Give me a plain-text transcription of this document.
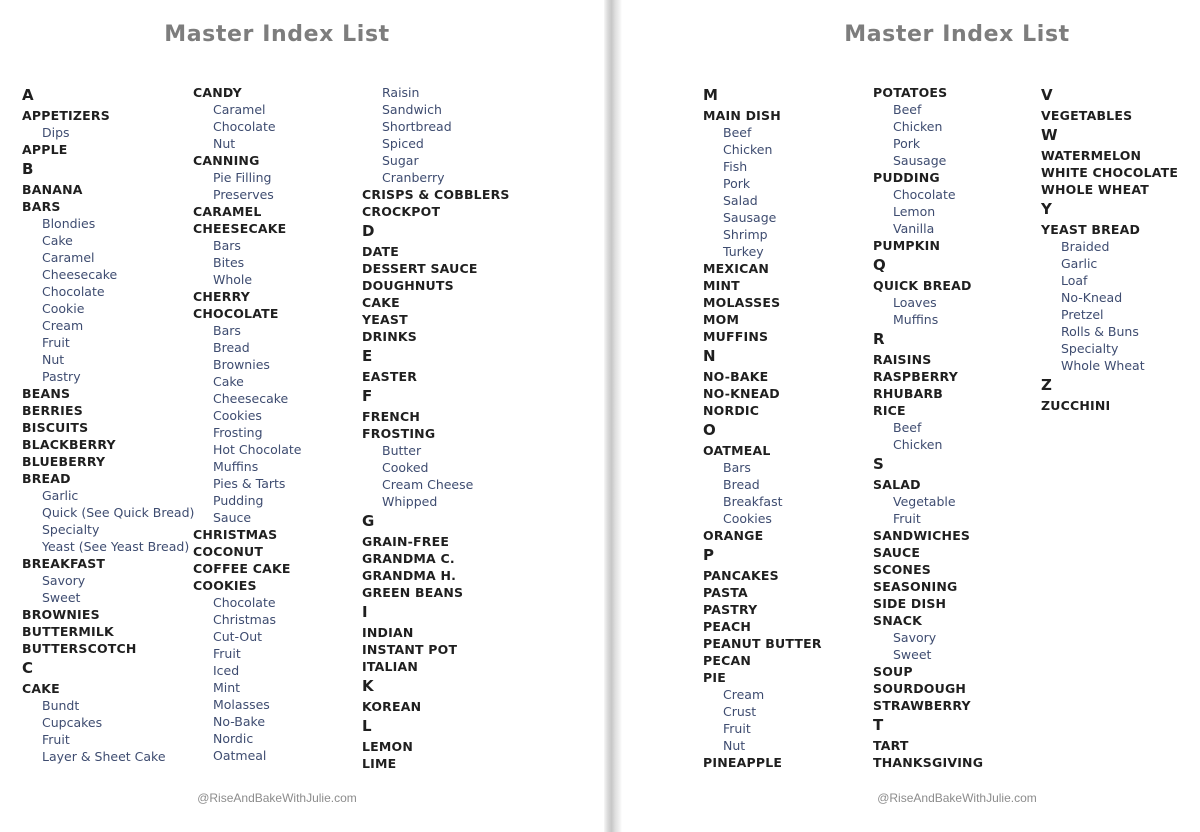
Master Index List
A
APPETIZERS
Dips
APPLE
B
BANANA
BARS
Blondies
Cake
Caramel
Cheesecake
Chocolate
Cookie
Cream
Fruit
Nut
Pastry
BEANS
BERRIES
BISCUITS
BLACKBERRY
BLUEBERRY
BREAD
Garlic
Quick (See Quick Bread)
Specialty
Yeast (See Yeast Bread)
BREAKFAST
Savory
Sweet
BROWNIES
BUTTERMILK
BUTTERSCOTCH
C
CAKE
Bundt
Cupcakes
Fruit
Layer & Sheet Cake
CANDY
Caramel
Chocolate
Nut
CANNING
Pie Filling
Preserves
CARAMEL
CHEESECAKE
Bars
Bites
Whole
CHERRY
CHOCOLATE
Bars
Bread
Brownies
Cake
Cheesecake
Cookies
Frosting
Hot Chocolate
Muffins
Pies & Tarts
Pudding
Sauce
CHRISTMAS
COCONUT
COFFEE CAKE
COOKIES
Chocolate
Christmas
Cut-Out
Fruit
Iced
Mint
Molasses
No-Bake
Nordic
Oatmeal
Raisin
Sandwich
Shortbread
Spiced
Sugar
Cranberry
CRISPS & COBBLERS
CROCKPOT
D
DATE
DESSERT SAUCE
DOUGHNUTS
CAKE
YEAST
DRINKS
E
EASTER
F
FRENCH
FROSTING
Butter
Cooked
Cream Cheese
Whipped
G
GRAIN-FREE
GRANDMA C.
GRANDMA H.
GREEN BEANS
I
INDIAN
INSTANT POT
ITALIAN
K
KOREAN
L
LEMON
LIME
@RiseAndBakeWithJulie.com
Master Index List
M
MAIN DISH
Beef
Chicken
Fish
Pork
Salad
Sausage
Shrimp
Turkey
MEXICAN
MINT
MOLASSES
MOM
MUFFINS
N
NO-BAKE
NO-KNEAD
NORDIC
O
OATMEAL
Bars
Bread
Breakfast
Cookies
ORANGE
P
PANCAKES
PASTA
PASTRY
PEACH
PEANUT BUTTER
PECAN
PIE
Cream
Crust
Fruit
Nut
PINEAPPLE
POTATOES
Beef
Chicken
Pork
Sausage
PUDDING
Chocolate
Lemon
Vanilla
PUMPKIN
Q
QUICK BREAD
Loaves
Muffins
R
RAISINS
RASPBERRY
RHUBARB
RICE
Beef
Chicken
S
SALAD
Vegetable
Fruit
SANDWICHES
SAUCE
SCONES
SEASONING
SIDE DISH
SNACK
Savory
Sweet
SOUP
SOURDOUGH
STRAWBERRY
T
TART
THANKSGIVING
V
VEGETABLES
W
WATERMELON
WHITE CHOCOLATE
WHOLE WHEAT
Y
YEAST BREAD
Braided
Garlic
Loaf
No-Knead
Pretzel
Rolls & Buns
Specialty
Whole Wheat
Z
ZUCCHINI
@RiseAndBakeWithJulie.com
